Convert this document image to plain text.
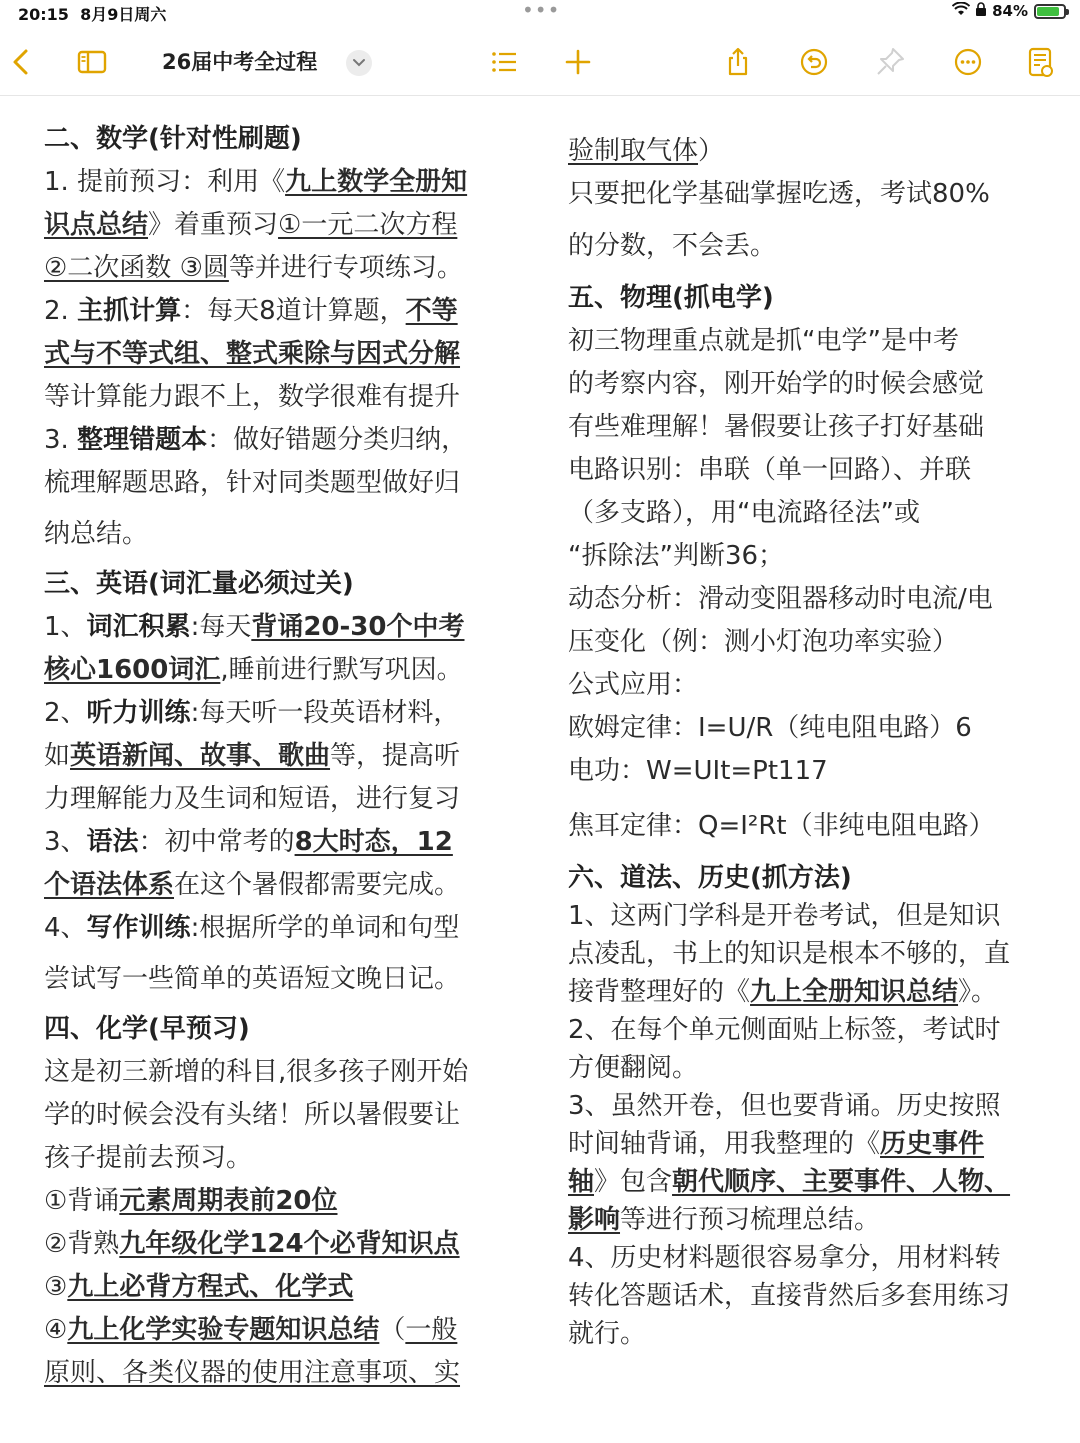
20:15 8月9日周六	•••	84%
26届中考全过程
二、数学(针对性刷题)
1. 提前预习：利用《九上数学全册知
识点总结》着重预习①一元二次方程
②二次函数 ③圆等并进行专项练习。
2. 主抓计算：每天8道计算题，不等
式与不等式组、整式乘除与因式分解
等计算能力跟不上，数学很难有提升
3. 整理错题本：做好错题分类归纳，
梳理解题思路，针对同类题型做好归
纳总结。
三、英语(词汇量必须过关)
1、词汇积累:每天背诵20-30个中考
核心1600词汇,睡前进行默写巩因。
2、听力训练:每天听一段英语材料，
如英语新闻、故事、歌曲等，提高听
力理解能力及生词和短语，进行复习
3、语法：初中常考的8大时态，12
个语法体系在这个暑假都需要完成。
4、写作训练:根据所学的单词和句型
尝试写一些简单的英语短文晚日记。
四、化学(早预习)
这是初三新增的科目,很多孩子刚开始
学的时候会没有头绪！所以暑假要让
孩子提前去预习。
①背诵元素周期表前20位
②背熟九年级化学124个必背知识点
③九上必背方程式、化学式
④九上化学实验专题知识总结（一般
原则、各类仪器的使用注意事项、实
验制取气体）
只要把化学基础掌握吃透，考试80%
的分数，不会丢。
五、物理(抓电学)
初三物理重点就是抓“电学”是中考
的考察内容，刚开始学的时候会感觉
有些难理解！暑假要让孩子打好基础
电路识别：串联（单一回路）、并联
（多支路），用“电流路径法”或
“拆除法”判断36；
动态分析：滑动变阻器移动时电流/电
压变化（例：测小灯泡功率实验）
公式应用：
欧姆定律：I=U/R（纯电阻电路）6
电功：W=UIt=Pt117
焦耳定律：Q=I²Rt（非纯电阻电路）
六、道法、历史(抓方法)
1、这两门学科是开卷考试，但是知识
点凌乱，书上的知识是根本不够的，直
接背整理好的《九上全册知识总结》。
2、在每个单元侧面贴上标签，考试时
方便翻阅。
3、虽然开卷，但也要背诵。历史按照
时间轴背诵，用我整理的《历史事件
轴》包含朝代顺序、主要事件、人物、
影响等进行预习梳理总结。
4、历史材料题很容易拿分，用材料转
转化答题话术，直接背然后多套用练习
就行。
